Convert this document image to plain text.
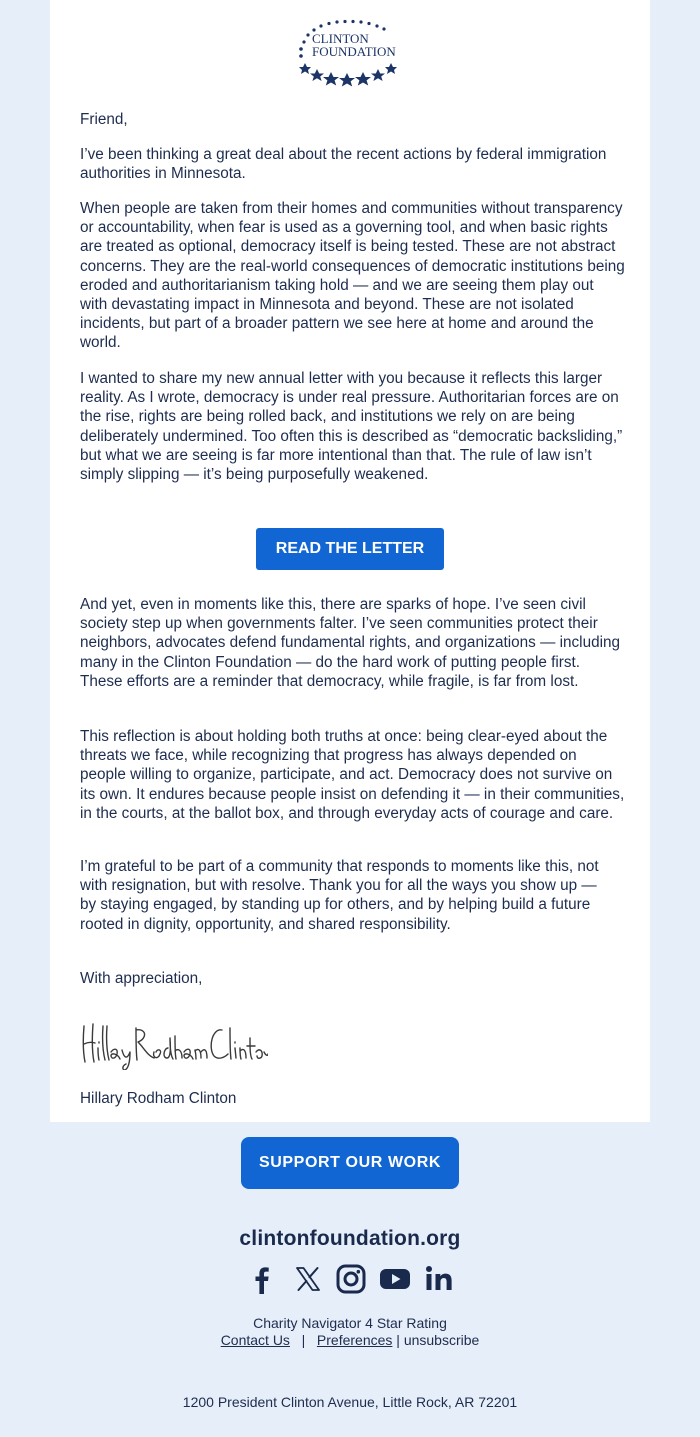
CLINTON
FOUNDATION

Friend,

I’ve been thinking a great deal about the recent actions by federal immigration authorities in Minnesota.

When people are taken from their homes and communities without transparency or accountability, when fear is used as a governing tool, and when basic rights are treated as optional, democracy itself is being tested. These are not abstract concerns. They are the real-world consequences of democratic institutions being eroded and authoritarianism taking hold — and we are seeing them play out with devastating impact in Minnesota and beyond. These are not isolated incidents, but part of a broader pattern we see here at home and around the world.

I wanted to share my new annual letter with you because it reflects this larger reality. As I wrote, democracy is under real pressure. Authoritarian forces are on the rise, rights are being rolled back, and institutions we rely on are being deliberately undermined. Too often this is described as “democratic backsliding,” but what we are seeing is far more intentional than that. The rule of law isn’t simply slipping — it’s being purposefully weakened.

And yet, even in moments like this, there are sparks of hope. I’ve seen civil society step up when governments falter. I’ve seen communities protect their neighbors, advocates defend fundamental rights, and organizations — including many in the Clinton Foundation — do the hard work of putting people first. These efforts are a reminder that democracy, while fragile, is far from lost.

This reflection is about holding both truths at once: being clear-eyed about the threats we face, while recognizing that progress has always depended on people willing to organize, participate, and act. Democracy does not survive on its own. It endures because people insist on defending it — in their communities, in the courts, at the ballot box, and through everyday acts of courage and care.

I’m grateful to be part of a community that responds to moments like this, not with resignation, but with resolve. Thank you for all the ways you show up — by staying engaged, by standing up for others, and by helping build a future rooted in dignity, opportunity, and shared responsibility.

With appreciation,

READ THE LETTER
Hillary Rodham Clinton
SUPPORT OUR WORK
clintonfoundation.org
Charity Navigator 4 Star Rating
Contact Us | Preferences | unsubscribe
1200 President Clinton Avenue, Little Rock, AR 72201
